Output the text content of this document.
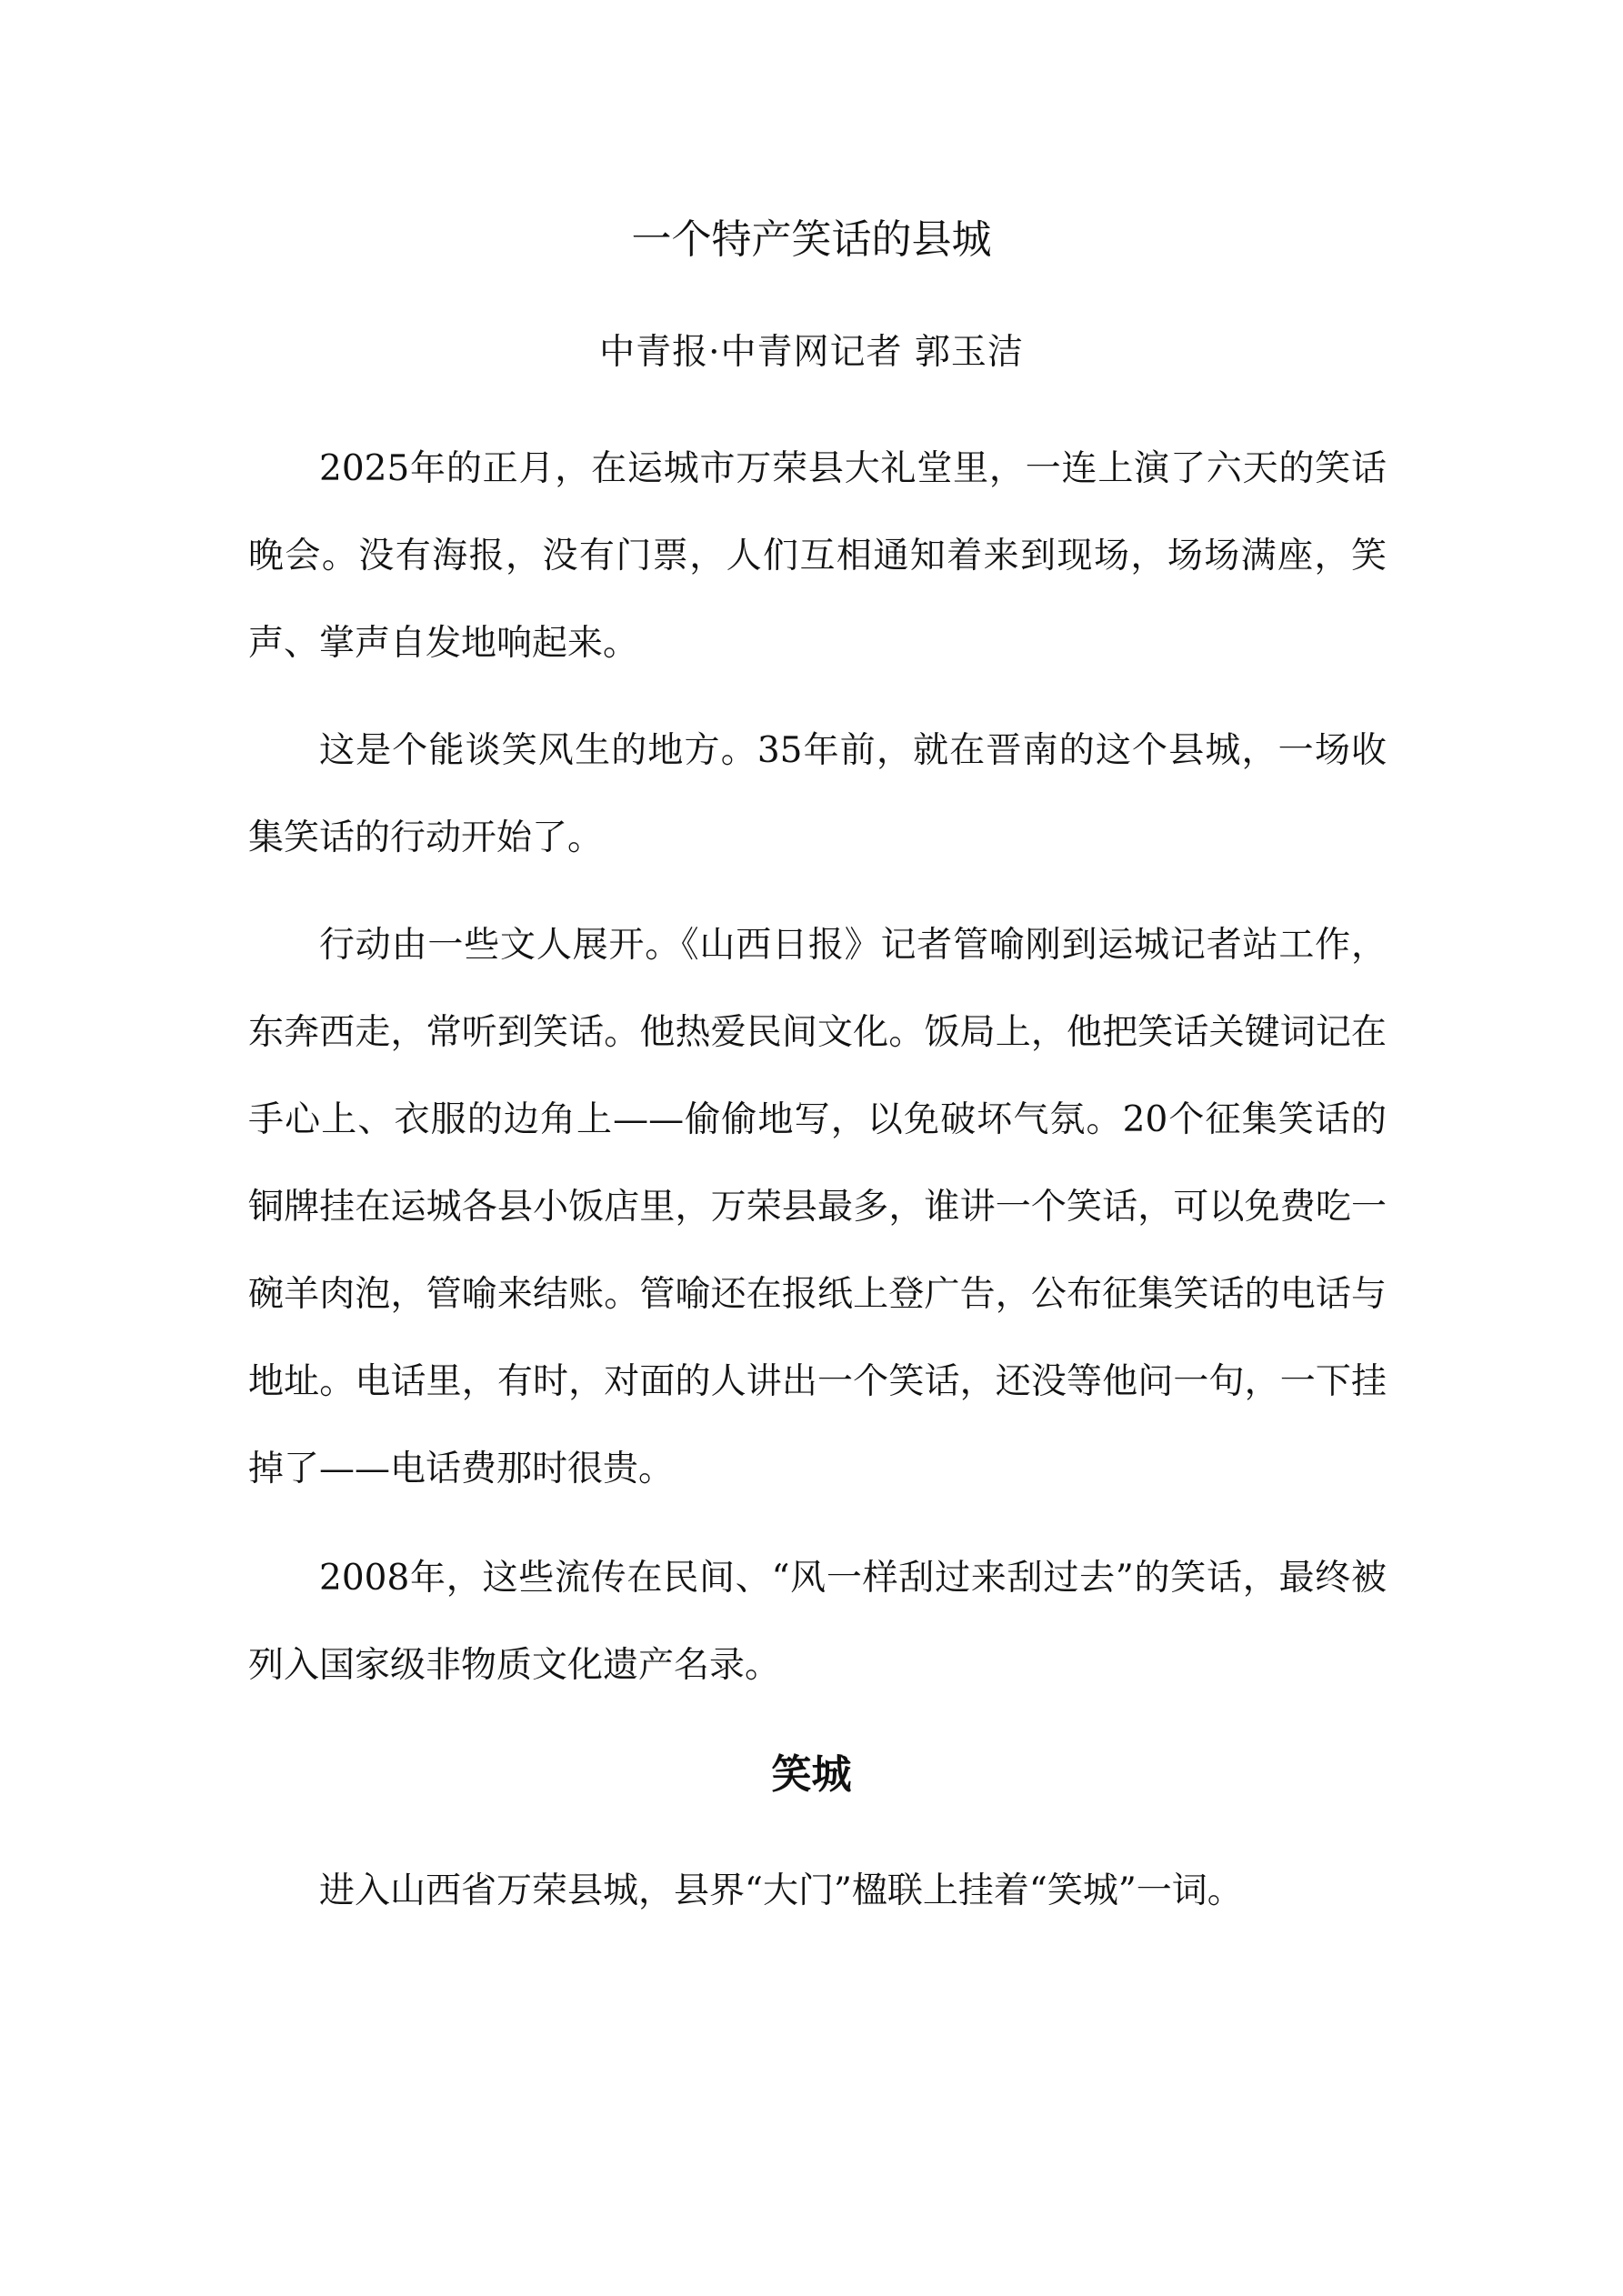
一个特产笑话的县城

中青报·中青网记者 郭玉洁

2025年的正月，在运城市万荣县大礼堂里，一连上演了六天的笑话晚会。没有海报，没有门票，人们互相通知着来到现场，场场满座，笑声、掌声自发地响起来。

这是个能谈笑风生的地方。35年前，就在晋南的这个县城，一场收集笑话的行动开始了。

行动由一些文人展开。《山西日报》记者管喻刚到运城记者站工作，东奔西走，常听到笑话。他热爱民间文化。饭局上，他把笑话关键词记在手心上、衣服的边角上——偷偷地写，以免破坏气氛。20个征集笑话的铜牌挂在运城各县小饭店里，万荣县最多，谁讲一个笑话，可以免费吃一碗羊肉泡，管喻来结账。管喻还在报纸上登广告，公布征集笑话的电话与地址。电话里，有时，对面的人讲出一个笑话，还没等他问一句，一下挂掉了——电话费那时很贵。

2008年，这些流传在民间、“风一样刮过来刮过去”的笑话，最终被列入国家级非物质文化遗产名录。

笑城

进入山西省万荣县城，县界“大门”楹联上挂着“笑城”一词。
